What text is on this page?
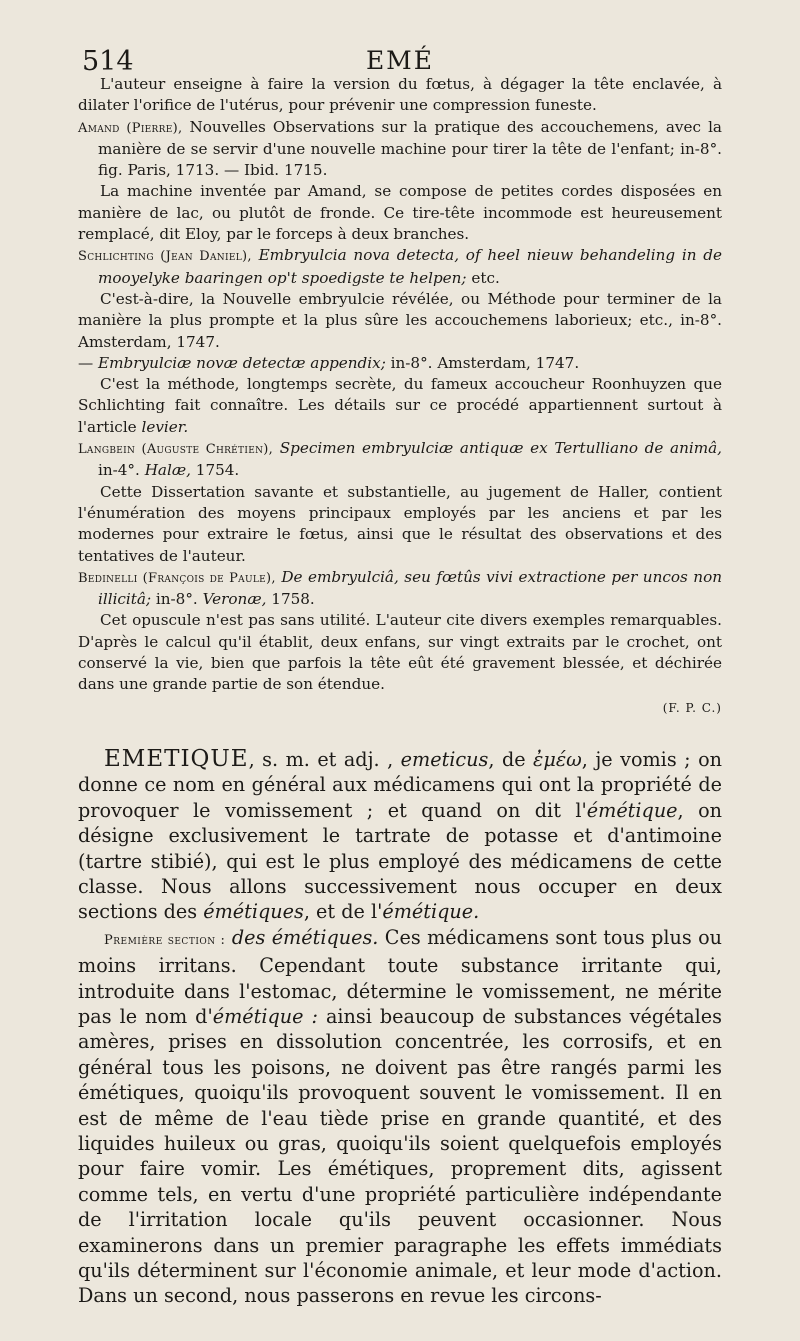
514	EMÉ

L'auteur enseigne à faire la version du fœtus, à dégager la tête enclavée, à dilater l'orifice de l'utérus, pour prévenir une compression funeste.

Amand (Pierre), Nouvelles Observations sur la pratique des accouchemens, avec la manière de se servir d'une nouvelle machine pour tirer la tête de l'enfant; in-8°. fig. Paris, 1713. — Ibid. 1715.

La machine inventée par Amand, se compose de petites cordes disposées en manière de lac, ou plutôt de fronde. Ce tire-tête incommode est heureusement remplacé, dit Eloy, par le forceps à deux branches.

Schlichting (Jean Daniel), Embryulcia nova detecta, of heel nieuw behandeling in de mooyelyke baaringen op't spoedigste te helpen; etc.

C'est-à-dire, la Nouvelle embryulcie révélée, ou Méthode pour terminer de la manière la plus prompte et la plus sûre les accouchemens laborieux; etc., in-8°. Amsterdam, 1747.

— Embryulciæ novæ detectæ appendix; in-8°. Amsterdam, 1747.

C'est la méthode, longtemps secrète, du fameux accoucheur Roonhuyzen que Schlichting fait connaître. Les détails sur ce procédé appartiennent surtout à l'article levier.

Langbein (Auguste Chrétien), Specimen embryulciæ antiquæ ex Tertulliano de animâ, in-4°. Halæ, 1754.

Cette Dissertation savante et substantielle, au jugement de Haller, contient l'énumération des moyens principaux employés par les anciens et par les modernes pour extraire le fœtus, ainsi que le résultat des observations et des tentatives de l'auteur.

Bedinelli (François de Paule), De embryulciâ, seu fœtûs vivi extractione per uncos non illicitâ; in-8°. Veronæ, 1758.

Cet opuscule n'est pas sans utilité. L'auteur cite divers exemples remarquables. D'après le calcul qu'il établit, deux enfans, sur vingt extraits par le crochet, ont conservé la vie, bien que parfois la tête eût été gravement blessée, et déchirée dans une grande partie de son étendue.

(F. P. C.)

EMETIQUE, s. m. et adj. , emeticus, de ἐμέω, je vomis ; on donne ce nom en général aux médicamens qui ont la propriété de provoquer le vomissement ; et quand on dit l'émétique, on désigne exclusivement le tartrate de potasse et d'antimoine (tartre stibié), qui est le plus employé des médicamens de cette classe. Nous allons successivement nous occuper en deux sections des émétiques, et de l'émétique.

Première section : des émétiques. Ces médicamens sont tous plus ou moins irritans. Cependant toute substance irritante qui, introduite dans l'estomac, détermine le vomissement, ne mérite pas le nom d'émétique : ainsi beaucoup de substances végétales amères, prises en dissolution concentrée, les corrosifs, et en général tous les poisons, ne doivent pas être rangés parmi les émétiques, quoiqu'ils provoquent souvent le vomissement. Il en est de même de l'eau tiède prise en grande quantité, et des liquides huileux ou gras, quoiqu'ils soient quelquefois employés pour faire vomir. Les émétiques, proprement dits, agissent comme tels, en vertu d'une propriété particulière indépendante de l'irritation locale qu'ils peuvent occasionner. Nous examinerons dans un premier paragraphe les effets immédiats qu'ils déterminent sur l'économie animale, et leur mode d'action. Dans un second, nous passerons en revue les circons-
